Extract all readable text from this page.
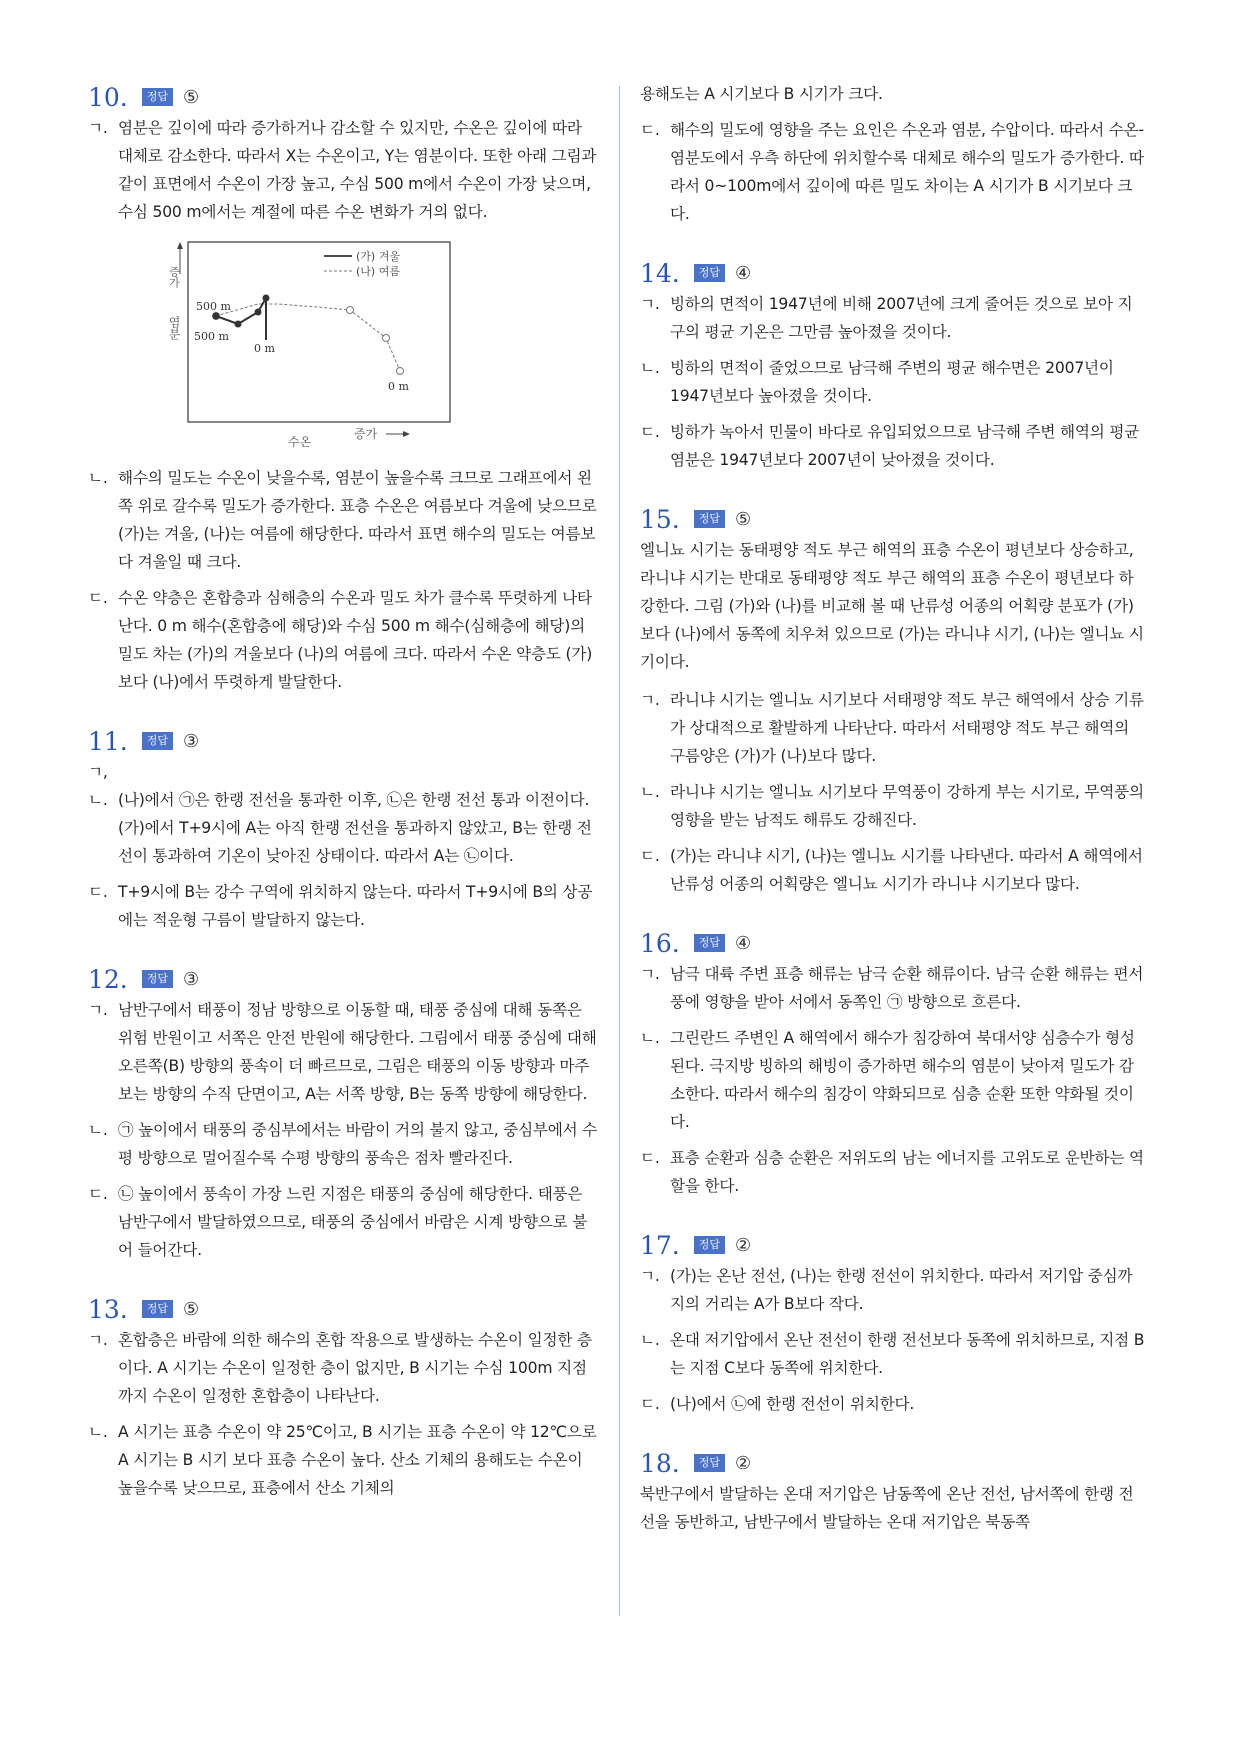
10.	정답 ⑤

ㄱ. 염분은 깊이에 따라 증가하거나 감소할 수 있지만, 수온은 깊이에 따라 대체로 감소한다. 따라서 X는 수온이고, Y는 염분이다. 또한 아래 그림과 같이 표면에서 수온이 가장 높고, 수심 500 m에서 수온이 가장 낮으며, 수심 500 m에서는 계절에 따른 수온 변화가 거의 없다.

증가
염분
증가
수온
(가) 겨울
(나) 여름
500 m
500 m
0 m
0 m

ㄴ. 해수의 밀도는 수온이 낮을수록, 염분이 높을수록 크므로 그래프에서 왼쪽 위로 갈수록 밀도가 증가한다. 표층 수온은 여름보다 겨울에 낮으므로 (가)는 겨울, (나)는 여름에 해당한다. 따라서 표면 해수의 밀도는 여름보다 겨울일 때 크다.

ㄷ. 수온 약층은 혼합층과 심해층의 수온과 밀도 차가 클수록 뚜렷하게 나타난다. 0 m 해수(혼합층에 해당)와 수심 500 m 해수(심해층에 해당)의 밀도 차는 (가)의 겨울보다 (나)의 여름에 크다. 따라서 수온 약층도 (가)보다 (나)에서 뚜렷하게 발달한다.

11.	정답 ③

ㄱ, ㄴ. (나)에서 ㉠은 한랭 전선을 통과한 이후, ㉡은 한랭 전선 통과 이전이다. (가)에서 T+9시에 A는 아직 한랭 전선을 통과하지 않았고, B는 한랭 전선이 통과하여 기온이 낮아진 상태이다. 따라서 A는 ㉡이다.

ㄷ. T+9시에 B는 강수 구역에 위치하지 않는다. 따라서 T+9시에 B의 상공에는 적운형 구름이 발달하지 않는다.

12.	정답 ③

ㄱ. 남반구에서 태풍이 정남 방향으로 이동할 때, 태풍 중심에 대해 동쪽은 위험 반원이고 서쪽은 안전 반원에 해당한다. 그림에서 태풍 중심에 대해 오른쪽(B) 방향의 풍속이 더 빠르므로, 그림은 태풍의 이동 방향과 마주 보는 방향의 수직 단면이고, A는 서쪽 방향, B는 동쪽 방향에 해당한다.

ㄴ. ㉠ 높이에서 태풍의 중심부에서는 바람이 거의 불지 않고, 중심부에서 수평 방향으로 멀어질수록 수평 방향의 풍속은 점차 빨라진다.

ㄷ. ㉡ 높이에서 풍속이 가장 느린 지점은 태풍의 중심에 해당한다. 태풍은 남반구에서 발달하였으므로, 태풍의 중심에서 바람은 시계 방향으로 불어 들어간다.

13.	정답 ⑤

ㄱ. 혼합층은 바람에 의한 해수의 혼합 작용으로 발생하는 수온이 일정한 층이다. A 시기는 수온이 일정한 층이 없지만, B 시기는 수심 100m 지점까지 수온이 일정한 혼합층이 나타난다.

ㄴ. A 시기는 표층 수온이 약 25℃이고, B 시기는 표층 수온이 약 12℃으로 A 시기는 B 시기 보다 표층 수온이 높다. 산소 기체의 용해도는 수온이 높을수록 낮으므로, 표층에서 산소 기체의

용해도는 A 시기보다 B 시기가 크다.

ㄷ. 해수의 밀도에 영향을 주는 요인은 수온과 염분, 수압이다. 따라서 수온-염분도에서 우측 하단에 위치할수록 대체로 해수의 밀도가 증가한다. 따라서 0~100m에서 깊이에 따른 밀도 차이는 A 시기가 B 시기보다 크다.

14.	정답 ④

ㄱ. 빙하의 면적이 1947년에 비해 2007년에 크게 줄어든 것으로 보아 지구의 평균 기온은 그만큼 높아졌을 것이다.

ㄴ. 빙하의 면적이 줄었으므로 남극해 주변의 평균 해수면은 2007년이 1947년보다 높아졌을 것이다.

ㄷ. 빙하가 녹아서 민물이 바다로 유입되었으므로 남극해 주변 해역의 평균 염분은 1947년보다 2007년이 낮아졌을 것이다.

15.	정답 ⑤

엘니뇨 시기는 동태평양 적도 부근 해역의 표층 수온이 평년보다 상승하고, 라니냐 시기는 반대로 동태평양 적도 부근 해역의 표층 수온이 평년보다 하강한다. 그림 (가)와 (나)를 비교해 볼 때 난류성 어종의 어획량 분포가 (가)보다 (나)에서 동쪽에 치우쳐 있으므로 (가)는 라니냐 시기, (나)는 엘니뇨 시기이다.

ㄱ. 라니냐 시기는 엘니뇨 시기보다 서태평양 적도 부근 해역에서 상승 기류가 상대적으로 활발하게 나타난다. 따라서 서태평양 적도 부근 해역의 구름양은 (가)가 (나)보다 많다.

ㄴ. 라니냐 시기는 엘니뇨 시기보다 무역풍이 강하게 부는 시기로, 무역풍의 영향을 받는 남적도 해류도 강해진다.

ㄷ. (가)는 라니냐 시기, (나)는 엘니뇨 시기를 나타낸다. 따라서 A 해역에서 난류성 어종의 어획량은 엘니뇨 시기가 라니냐 시기보다 많다.

16.	정답 ④

ㄱ. 남극 대륙 주변 표층 해류는 남극 순환 해류이다. 남극 순환 해류는 편서풍에 영향을 받아 서에서 동쪽인 ㉠ 방향으로 흐른다.

ㄴ. 그린란드 주변인 A 해역에서 해수가 침강하여 북대서양 심층수가 형성된다. 극지방 빙하의 해빙이 증가하면 해수의 염분이 낮아져 밀도가 감소한다. 따라서 해수의 침강이 약화되므로 심층 순환 또한 약화될 것이다.

ㄷ. 표층 순환과 심층 순환은 저위도의 남는 에너지를 고위도로 운반하는 역할을 한다.

17.	정답 ②

ㄱ. (가)는 온난 전선, (나)는 한랭 전선이 위치한다. 따라서 저기압 중심까지의 거리는 A가 B보다 작다.

ㄴ. 온대 저기압에서 온난 전선이 한랭 전선보다 동쪽에 위치하므로, 지점 B는 지점 C보다 동쪽에 위치한다.

ㄷ. (나)에서 ㉡에 한랭 전선이 위치한다.

18.	정답 ②

북반구에서 발달하는 온대 저기압은 남동쪽에 온난 전선, 남서쪽에 한랭 전선을 동반하고, 남반구에서 발달하는 온대 저기압은 북동쪽
